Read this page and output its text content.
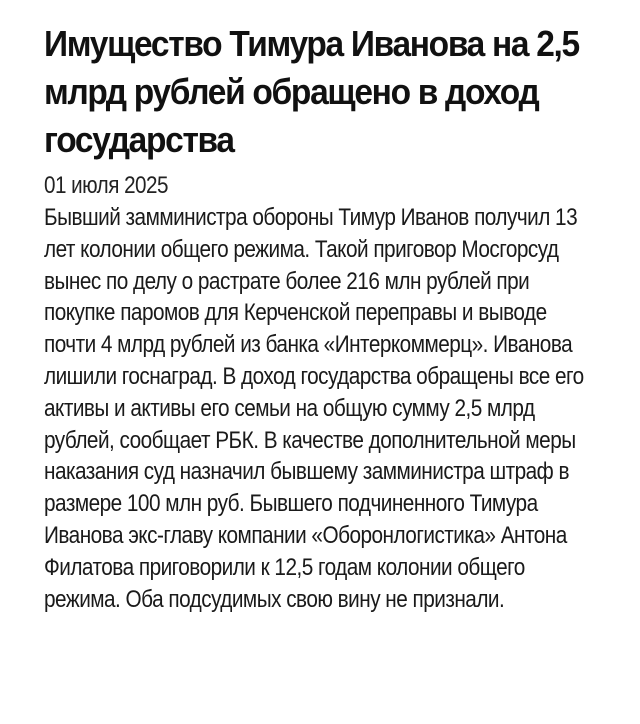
Имущество Тимура Иванова на 2,5 млрд рублей обращено в доход государства
01 июля 2025

Бывший замминистра обороны Тимур Иванов получил 13 лет колонии общего режима. Такой приговор Мосгорсуд вынес по делу о растрате более 216 млн рублей при покупке паромов для Керченской переправы и выводе почти 4 млрд рублей из банка «Интеркоммерц». Иванова лишили госнаград. В доход государства обращены все его активы и активы его семьи на общую сумму 2,5 млрд рублей, сообщает РБК. В качестве дополнительной меры наказания суд назначил бывшему замминистра штраф в размере 100 млн руб. Бывшего подчиненного Тимура Иванова экс-главу компании «Оборонлогистика» Антона Филатова приговорили к 12,5 годам колонии общего режима. Оба подсудимых свою вину не признали.
